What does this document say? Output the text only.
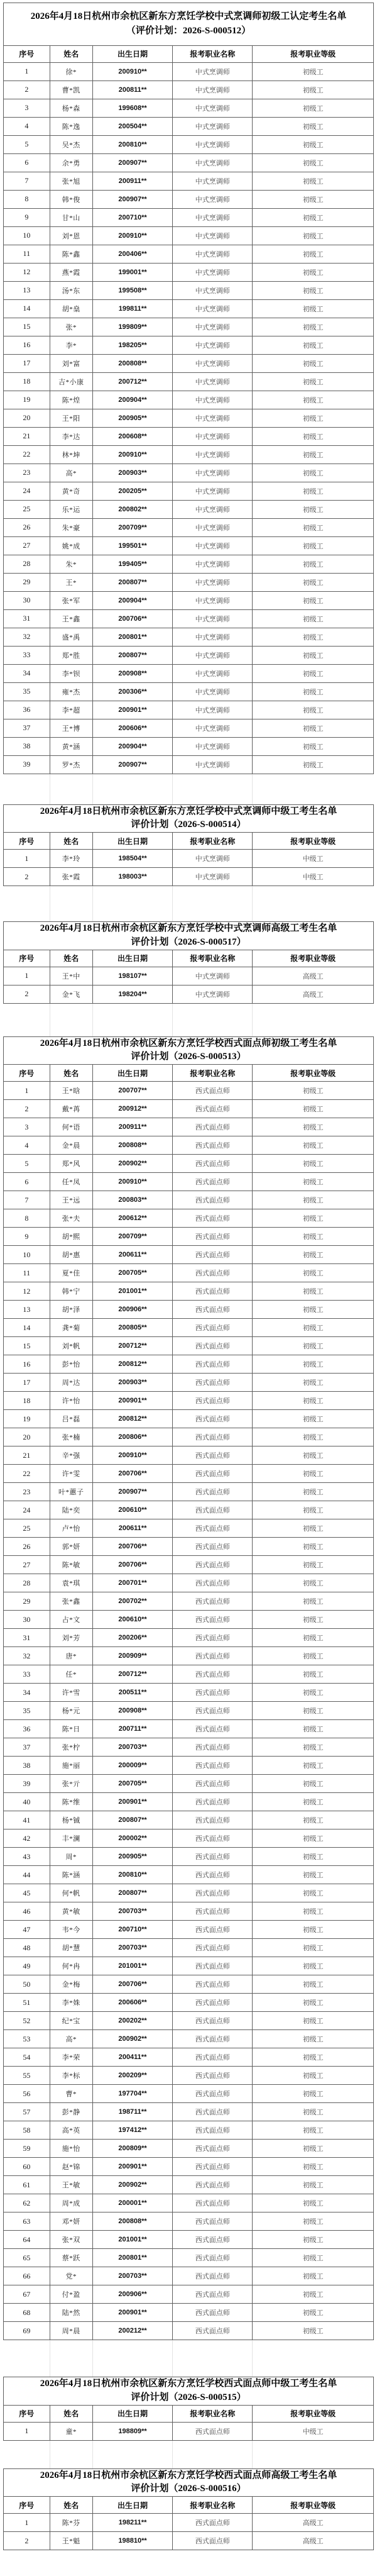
2026年4月18日杭州市余杭区新东方烹饪学校中式烹调师初级工认定考生名单
（评价计划：2026-S-000512）				
序号	姓名	出生日期	报考职业名称	报考职业等级
1	徐*	200910**	中式烹调师	初级工
2	曹*凯	200811**	中式烹调师	初级工
3	杨*森	199608**	中式烹调师	初级工
4	陈*逸	200504**	中式烹调师	初级工
5	吴*杰	200810**	中式烹调师	初级工
6	余*勇	200907**	中式烹调师	初级工
7	张*旭	200911**	中式烹调师	初级工
8	韩*俊	200907**	中式烹调师	初级工
9	甘*山	200710**	中式烹调师	初级工
10	刘*恩	200910**	中式烹调师	初级工
11	陈*鑫	200406**	中式烹调师	初级工
12	燕*霞	199001**	中式烹调师	初级工
13	汤*东	199508**	中式烹调师	初级工
14	胡*燊	199811**	中式烹调师	初级工
15	张*	199809**	中式烹调师	初级工
16	李*	198205**	中式烹调师	初级工
17	刘*富	200808**	中式烹调师	初级工
18	吉*小康	200712**	中式烹调师	初级工
19	陈*煌	200904**	中式烹调师	初级工
20	王*阳	200905**	中式烹调师	初级工
21	李*达	200608**	中式烹调师	初级工
22	林*坤	200910**	中式烹调师	初级工
23	高*	200903**	中式烹调师	初级工
24	黄*奇	200205**	中式烹调师	初级工
25	乐*运	200802**	中式烹调师	初级工
26	朱*豪	200709**	中式烹调师	初级工
27	姚*成	199501**	中式烹调师	初级工
28	朱*	199405**	中式烹调师	初级工
29	王*	200807**	中式烹调师	初级工
30	张*军	200904**	中式烹调师	初级工
31	王*鑫	200706**	中式烹调师	初级工
32	盛*禹	200801**	中式烹调师	初级工
33	郑*胜	200807**	中式烹调师	初级工
34	李*钡	200908**	中式烹调师	初级工
35	雍*杰	200306**	中式烹调师	初级工
36	李*超	200901**	中式烹调师	初级工
37	王*博	200606**	中式烹调师	初级工
38	黄*涵	200904**	中式烹调师	初级工
39	罗*杰	200907**	中式烹调师	初级工
2026年4月18日杭州市余杭区新东方烹饪学校中式烹调师中级工考生名单
评价计划（2026-S-000514）				
序号	姓名	出生日期	报考职业名称	报考职业等级
1	李*玲	198504**	中式烹调师	中级工
2	张*霞	198003**	中式烹调师	中级工
2026年4月18日杭州市余杭区新东方烹饪学校中式烹调师高级工考生名单
评价计划（2026-S-000517）				
序号	姓名	出生日期	报考职业名称	报考职业等级
1	王*中	198107**	中式烹调师	高级工
2	金*飞	198204**	中式烹调师	高级工
2026年4月18日杭州市余杭区新东方烹饪学校西式面点师初级工考生名单
评价计划（2026-S-000513）				
序号	姓名	出生日期	报考职业名称	报考职业等级
1	王*晗	200707**	西式面点师	初级工
2	戴*苒	200912**	西式面点师	初级工
3	何*语	200911**	西式面点师	初级工
4	金*晨	200808**	西式面点师	初级工
5	郑*风	200902**	西式面点师	初级工
6	任*凤	200910**	西式面点师	初级工
7	王*远	200803**	西式面点师	初级工
8	张*夫	200612**	西式面点师	初级工
9	胡*熙	200709**	西式面点师	初级工
10	胡*惠	200611**	西式面点师	初级工
11	夏*佳	200705**	西式面点师	初级工
12	韩*宁	201001**	西式面点师	初级工
13	胡*泽	200906**	西式面点师	初级工
14	龚*菊	200805**	西式面点师	初级工
15	刘*帆	200712**	西式面点师	初级工
16	彭*怡	200812**	西式面点师	初级工
17	周*达	200903**	西式面点师	初级工
18	许*怡	200901**	西式面点师	初级工
19	吕*磊	200812**	西式面点师	初级工
20	张*楠	200806**	西式面点师	初级工
21	辛*强	200910**	西式面点师	初级工
22	许*雯	200706**	西式面点师	初级工
23	叶*蕙子	200907**	西式面点师	初级工
24	陆*奕	200610**	西式面点师	初级工
25	卢*怡	200611**	西式面点师	初级工
26	郭*妍	200706**	西式面点师	初级工
27	陈*敏	200706**	西式面点师	初级工
28	袁*琪	200701**	西式面点师	初级工
29	张*鑫	200702**	西式面点师	初级工
30	占*文	200610**	西式面点师	初级工
31	刘*芳	200206**	西式面点师	初级工
32	唐*	200909**	西式面点师	初级工
33	任*	200712**	西式面点师	初级工
34	许*雪	200511**	西式面点师	初级工
35	杨*元	200908**	西式面点师	初级工
36	陈*日	200711**	西式面点师	初级工
37	张*柠	200703**	西式面点师	初级工
38	施*丽	200009**	西式面点师	初级工
39	张*亓	200705**	西式面点师	初级工
40	陈*维	200901**	西式面点师	初级工
41	杨*铖	200807**	西式面点师	初级工
42	丰*澜	200002**	西式面点师	初级工
43	周*	200905**	西式面点师	初级工
44	陈*涵	200810**	西式面点师	初级工
45	何*帆	200807**	西式面点师	初级工
46	黄*敏	200703**	西式面点师	初级工
47	韦*今	200710**	西式面点师	初级工
48	胡*慧	200703**	西式面点师	初级工
49	何*冉	201001**	西式面点师	初级工
50	金*梅	200706**	西式面点师	初级工
51	李*姝	200606**	西式面点师	初级工
52	纪*宝	200202**	西式面点师	初级工
53	高*	200902**	西式面点师	初级工
54	李*荣	200411**	西式面点师	初级工
55	李*标	200209**	西式面点师	初级工
56	曹*	197704**	西式面点师	初级工
57	彭*静	198711**	西式面点师	初级工
58	高*英	197412**	西式面点师	初级工
59	施*怡	200809**	西式面点师	初级工
60	赵*锦	200901**	西式面点师	初级工
61	王*敏	200902**	西式面点师	初级工
62	周*成	200001**	西式面点师	初级工
63	邓*妍	200808**	西式面点师	初级工
64	张*双	201001**	西式面点师	初级工
65	蔡*跃	200801**	西式面点师	初级工
66	党*	200703**	西式面点师	初级工
67	付*盈	200906**	西式面点师	初级工
68	陆*然	200901**	西式面点师	初级工
69	周*晨	200212**	西式面点师	初级工
2026年4月18日杭州市余杭区新东方烹饪学校西式面点师中级工考生名单
评价计划（2026-S-000515）				
序号	姓名	出生日期	报考职业名称	报考职业等级
1	童*	198809**	西式面点师	中级工
2026年4月18日杭州市余杭区新东方烹饪学校西式面点师高级工考生名单
评价计划（2026-S-000516）				
序号	姓名	出生日期	报考职业名称	报考职业等级
1	陈*芬	198211**	西式面点师	高级工
2	王*魁	198810**	西式面点师	高级工
